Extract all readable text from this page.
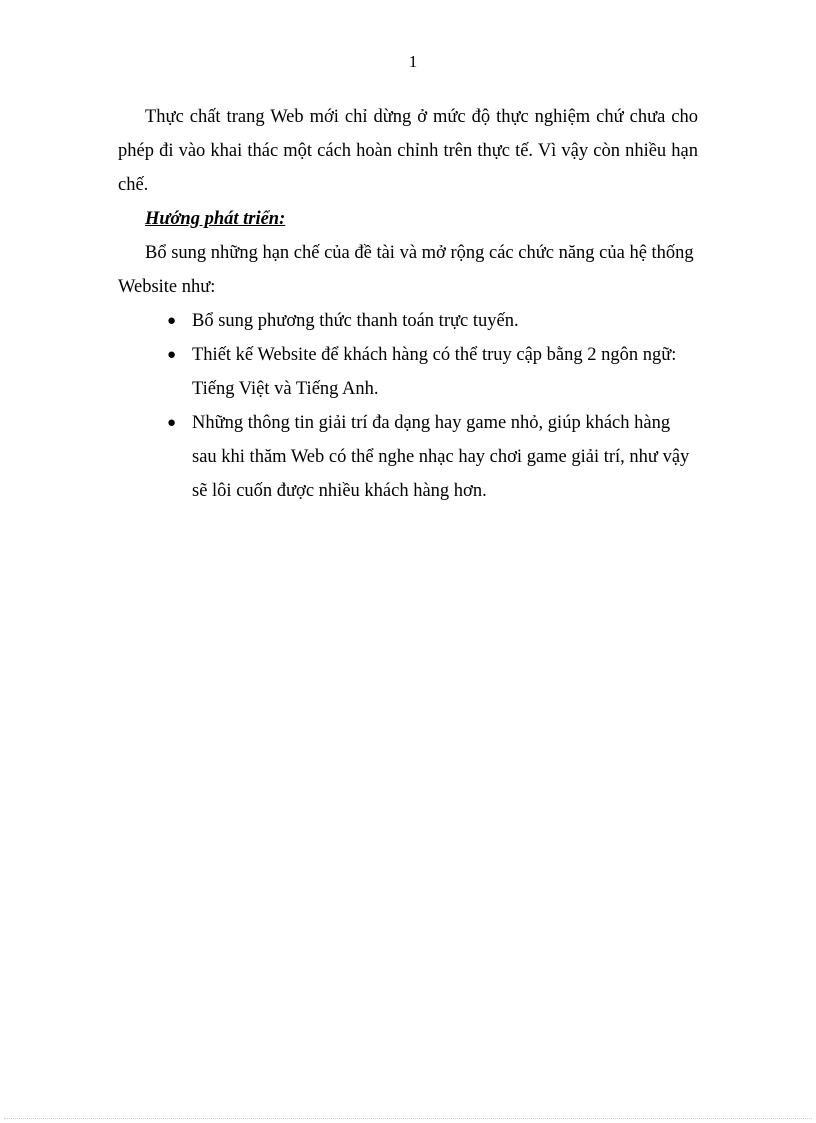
1

Thực chất trang Web mới chỉ dừng ở mức độ thực nghiệm chứ chưa cho phép đi vào khai thác một cách hoàn chỉnh trên thực tế. Vì vậy còn nhiều hạn chế.

Hướng phát triển:

Bổ sung những hạn chế của đề tài và mở rộng các chức năng của hệ thống Website như:

● Bổ sung phương thức thanh toán trực tuyến.
● Thiết kế Website để khách hàng có thể truy cập bằng 2 ngôn ngữ: Tiếng Việt và Tiếng Anh.
● Những thông tin giải trí đa dạng hay game nhỏ, giúp khách hàng sau khi thăm Web có thể nghe nhạc hay chơi game giải trí, như vậy sẽ lôi cuốn được nhiều khách hàng hơn.
